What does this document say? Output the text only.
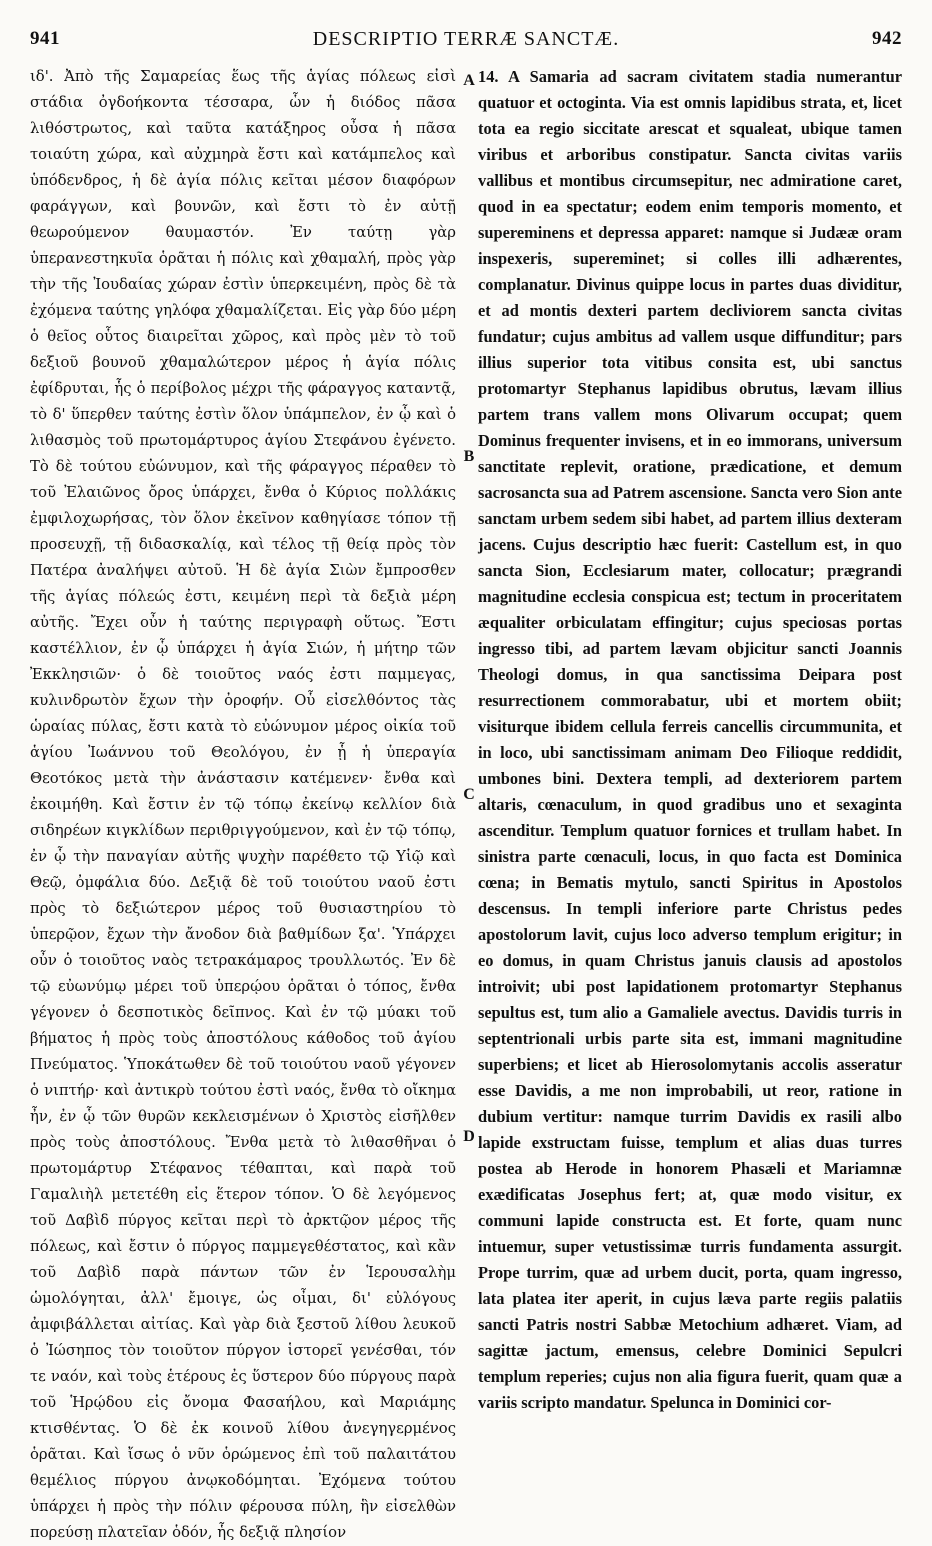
941	DESCRIPTIO TERRÆ SANCTÆ.	942

ιδ'. Ἀπὸ τῆς Σαμαρείας ἕως τῆς ἁγίας πόλεως εἰσὶ στάδια ὀγδοήκοντα τέσσαρα, ὧν ἡ διόδος πᾶσα λιθόστρωτος, καὶ ταῦτα κατάξηρος οὖσα ἡ πᾶσα τοιαύτη χώρα, καὶ αὐχμηρὰ ἔστι καὶ κατάμπελος καὶ ὑπόδενδρος, ἡ δὲ ἁγία πόλις κεῖται μέσον διαφόρων φαράγγων, καὶ βουνῶν, καὶ ἔστι τὸ ἐν αὐτῇ θεωρούμενον θαυμαστόν. Ἐν ταύτῃ γὰρ ὑπερανεστηκυῖα ὁρᾶται ἡ πόλις καὶ χθαμαλή, πρὸς γὰρ τὴν τῆς Ἰουδαίας χώραν ἐστὶν ὑπερκειμένη, πρὸς δὲ τὰ ἐχόμενα ταύτης γηλόφα χθαμαλίζεται. Εἰς γὰρ δύο μέρη ὁ θεῖος οὗτος διαιρεῖται χῶρος, καὶ πρὸς μὲν τὸ τοῦ δεξιοῦ βουνοῦ χθαμαλώτερον μέρος ἡ ἁγία πόλις ἐφίδρυται, ἧς ὁ περίβολος μέχρι τῆς φάραγγος καταντᾷ, τὸ δ' ὕπερθεν ταύτης ἐστὶν ὅλον ὑπάμπελον, ἐν ᾧ καὶ ὁ λιθασμὸς τοῦ πρωτομάρτυρος ἁγίου Στεφάνου ἐγένετο. Τὸ δὲ τούτου εὐώνυμον, καὶ τῆς φάραγγος πέραθεν τὸ τοῦ Ἐλαιῶνος ὄρος ὑπάρχει, ἔνθα ὁ Κύριος πολλάκις ἐμφιλοχωρήσας, τὸν ὅλον ἐκεῖνον καθηγίασε τόπον τῇ προσευχῇ, τῇ διδασκαλίᾳ, καὶ τέλος τῇ θείᾳ πρὸς τὸν Πατέρα ἀναλήψει αὐτοῦ. Ἡ δὲ ἁγία Σιὼν ἔμπροσθεν τῆς ἁγίας πόλεώς ἐστι, κειμένη περὶ τὰ δεξιὰ μέρη αὐτῆς. Ἔχει οὖν ἡ ταύτης περιγραφὴ οὕτως. Ἔστι καστέλλιον, ἐν ᾧ ὑπάρχει ἡ ἁγία Σιών, ἡ μήτηρ τῶν Ἐκκλησιῶν· ὁ δὲ τοιοῦτος ναός ἐστι παμμεγας, κυλινδρωτὸν ἔχων τὴν ὀροφήν. Οὗ εἰσελθόντος τὰς ὡραίας πύλας, ἔστι κατὰ τὸ εὐώνυμον μέρος οἰκία τοῦ ἁγίου Ἰωάννου τοῦ Θεολόγου, ἐν ᾗ ἡ ὑπεραγία Θεοτόκος μετὰ τὴν ἀνάστασιν κατέμενεν· ἔνθα καὶ ἐκοιμήθη. Καὶ ἔστιν ἐν τῷ τόπῳ ἐκείνῳ κελλίον διὰ σιδηρέων κιγκλίδων περιθριγγούμενον, καὶ ἐν τῷ τόπῳ, ἐν ᾧ τὴν παναγίαν αὐτῆς ψυχὴν παρέθετο τῷ Υἱῷ καὶ Θεῷ, ὀμφάλια δύο. Δεξιᾷ δὲ τοῦ τοιούτου ναοῦ ἐστι πρὸς τὸ δεξιώτερον μέρος τοῦ θυσιαστηρίου τὸ ὑπερῷον, ἔχων τὴν ἄνοδον διὰ βαθμίδων ξα'. Ὑπάρχει οὖν ὁ τοιοῦτος ναὸς τετρακάμαρος τρουλλωτός. Ἐν δὲ τῷ εὐωνύμῳ μέρει τοῦ ὑπερῴου ὁρᾶται ὁ τόπος, ἔνθα γέγονεν ὁ δεσποτικὸς δεῖπνος. Καὶ ἐν τῷ μύακι τοῦ βήματος ἡ πρὸς τοὺς ἀποστόλους κάθοδος τοῦ ἁγίου Πνεύματος. Ὑποκάτωθεν δὲ τοῦ τοιούτου ναοῦ γέγονεν ὁ νιπτήρ· καὶ ἀντικρὺ τούτου ἐστὶ ναός, ἔνθα τὸ οἴκημα ἦν, ἐν ᾧ τῶν θυρῶν κεκλεισμένων ὁ Χριστὸς εἰσῆλθεν πρὸς τοὺς ἀποστόλους. Ἔνθα μετὰ τὸ λιθασθῆναι ὁ πρωτομάρτυρ Στέφανος τέθαπται, καὶ παρὰ τοῦ Γαμαλιὴλ μετετέθη εἰς ἕτερον τόπον. Ὁ δὲ λεγόμενος τοῦ Δαβὶδ πύργος κεῖται περὶ τὸ ἀρκτῷον μέρος τῆς πόλεως, καὶ ἔστιν ὁ πύργος παμμεγεθέστατος, καὶ κἂν τοῦ Δαβὶδ παρὰ πάντων τῶν ἐν Ἱερουσαλὴμ ὡμολόγηται, ἀλλ' ἔμοιγε, ὡς οἶμαι, δι' εὐλόγους ἀμφιβάλλεται αἰτίας. Καὶ γὰρ διὰ ξεστοῦ λίθου λευκοῦ ὁ Ἰώσηπος τὸν τοιοῦτον πύργον ἱστορεῖ γενέσθαι, τόν τε ναόν, καὶ τοὺς ἑτέρους ἐς ὕστερον δύο πύργους παρὰ τοῦ Ἡρῴδου εἰς ὄνομα Φασαήλου, καὶ Μαριάμης κτισθέντας. Ὁ δὲ ἐκ κοινοῦ λίθου ἀνεγηγερμένος ὁρᾶται. Καὶ ἴσως ὁ νῦν ὁρώμενος ἐπὶ τοῦ παλαιτάτου θεμέλιος πύργου ἀνῳκοδόμηται. Ἐχόμενα τούτου ὑπάρχει ἡ πρὸς τὴν πόλιν φέρουσα πύλη, ἣν εἰσελθὼν πορεύσῃ πλατεῖαν ὁδόν, ἧς δεξιᾷ πλησίον

A
B
C
D

14. A Samaria ad sacram civitatem stadia numerantur quatuor et octoginta. Via est omnis lapidibus strata, et, licet tota ea regio siccitate arescat et squaleat, ubique tamen viribus et arboribus constipatur. Sancta civitas variis vallibus et montibus circumsepitur, nec admiratione caret, quod in ea spectatur; eodem enim temporis momento, et supereminens et depressa apparet: namque si Judææ oram inspexeris, supereminet; si colles illi adhærentes, complanatur. Divinus quippe locus in partes duas dividitur, et ad montis dexteri partem decliviorem sancta civitas fundatur; cujus ambitus ad vallem usque diffunditur; pars illius superior tota vitibus consita est, ubi sanctus protomartyr Stephanus lapidibus obrutus, lævam illius partem trans vallem mons Olivarum occupat; quem Dominus frequenter invisens, et in eo immorans, universum sanctitate replevit, oratione, prædicatione, et demum sacrosancta sua ad Patrem ascensione. Sancta vero Sion ante sanctam urbem sedem sibi habet, ad partem illius dexteram jacens. Cujus descriptio hæc fuerit: Castellum est, in quo sancta Sion, Ecclesiarum mater, collocatur; prægrandi magnitudine ecclesia conspicua est; tectum in proceritatem æqualiter orbiculatam effingitur; cujus speciosas portas ingresso tibi, ad partem lævam objicitur sancti Joannis Theologi domus, in qua sanctissima Deipara post resurrectionem commorabatur, ubi et mortem obiit; visiturque ibidem cellula ferreis cancellis circummunita, et in loco, ubi sanctissimam animam Deo Filioque reddidit, umbones bini. Dextera templi, ad dexteriorem partem altaris, cœnaculum, in quod gradibus uno et sexaginta ascenditur. Templum quatuor fornices et trullam habet. In sinistra parte cœnaculi, locus, in quo facta est Dominica cœna; in Bematis mytulo, sancti Spiritus in Apostolos descensus. In templi inferiore parte Christus pedes apostolorum lavit, cujus loco adverso templum erigitur; in eo domus, in quam Christus januis clausis ad apostolos introivit; ubi post lapidationem protomartyr Stephanus sepultus est, tum alio a Gamaliele avectus. Davidis turris in septentrionali urbis parte sita est, immani magnitudine superbiens; et licet ab Hierosolomytanis accolis asseratur esse Davidis, a me non improbabili, ut reor, ratione in dubium vertitur: namque turrim Davidis ex rasili albo lapide exstructam fuisse, templum et alias duas turres postea ab Herode in honorem Phasæli et Mariamnæ exædificatas Josephus fert; at, quæ modo visitur, ex communi lapide constructa est. Et forte, quam nunc intuemur, super vetustissimæ turris fundamenta assurgit. Prope turrim, quæ ad urbem ducit, porta, quam ingresso, lata platea iter aperit, in cujus læva parte regiis palatiis sancti Patris nostri Sabbæ Metochium adhæret. Viam, ad sagittæ jactum, emensus, celebre Dominici Sepulcri templum reperies; cujus non alia figura fuerit, quam quæ a variis scripto mandatur. Spelunca in Dominici cor-
